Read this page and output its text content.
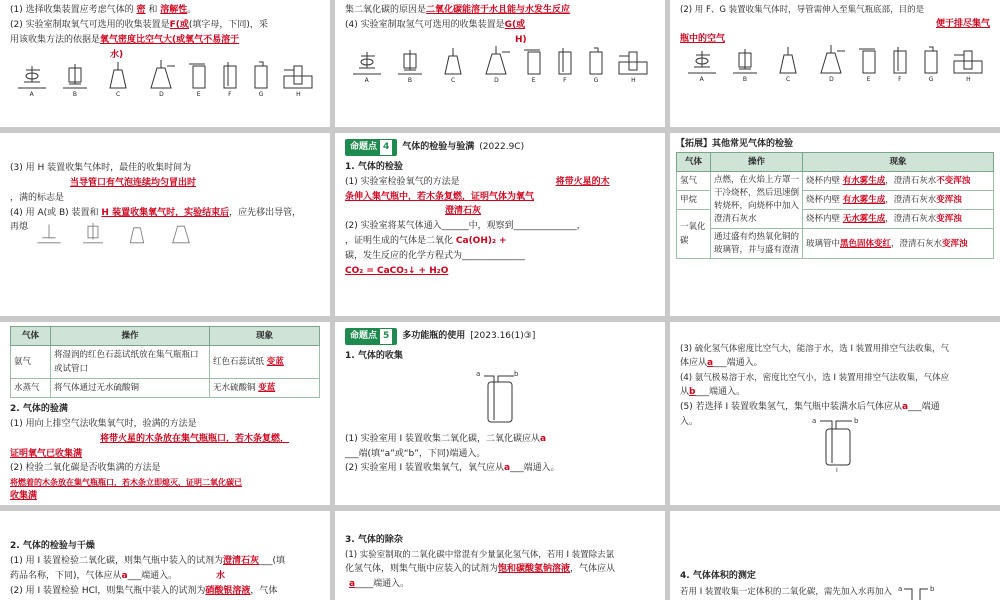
(1) 选择收集装置应考虑气体的 密 和 溶解性。

(2) 实验室制取氧气可选用的收集装置是F(或(填字母，下同)，采

用该收集方法的依据是氧气密度比空气大(或氧气不易溶于

水)

A	B	C	D	E	F	G	H

集二氧化碳的原因是二氧化碳能溶于水且能与水发生反应

(4) 实验室制取氢气可选用的收集装置是G(或

H)

A	B	C	D	E	F	G	H

(2) 用 F、G 装置收集气体时，导管需伸入至集气瓶底部，目的是

便于排尽集气

瓶中的空气

A	B	C	D	E	F	G	H

(3) 用 H 装置收集气体时，最佳的收集时间为

当导管口有气泡连续均匀冒出时

，满的标志是

(4) 用 A(或 B) 装置和 H 装置收集氧气时，实验结束后，应先移出导管，

再熄

命题点 4	气体的检验与验满 (2022.9C)

1. 气体的检验

(1) 实验室检验氧气的方法是	将带火星的木

条伸入集气瓶中，若木条复燃，证明气体为氧气

澄清石灰

(2) 实验室将某气体通入______中，观察到______________，

，证明生成的气体是二氧化 Ca(OH)₂ +

碳，发生反应的化学方程式为______________

CO₂ = CaCO₃↓ + H₂O

【拓展】其他常见气体的检验

气体	操作	现象
氢气	点燃，在火焰上方罩一干冷烧杯，然后迅速倒转烧杯，向烧杯中加入澄清石灰水	烧杯内壁 有水雾生成，澄清石灰水不变浑浊
甲烷		烧杯内壁 有水雾生成，澄清石灰水变浑浊
一氧化碳		烧杯内壁 无水雾生成，澄清石灰水变浑浊
	通过盛有灼热氧化铜的玻璃管，并与盛有澄清	玻璃管中黑色固体变红，澄清石灰水变浑浊
气体	操作	现象
氨气	将湿润的红色石蕊试纸放在集气瓶瓶口或试管口	红色石蕊试纸 变蓝
水蒸气	将气体通过无水硫酸铜	无水硫酸铜 变蓝

2. 气体的验满

(1) 用向上排空气法收集氧气时，验满的方法是

将带火星的木条放在集气瓶瓶口，若木条复燃，

证明氧气已收集满

(2) 检验二氧化碳是否收集满的方法是

将燃着的木条放在集气瓶瓶口，若木条立即熄灭，证明二氧化碳已

收集满

命题点 5	多功能瓶的使用 [2023.16(1)③]

1. 气体的收集

a	b

(1) 实验室用 I 装置收集二氧化碳，二氧化碳应从a

___端(填“a”或“b”，下同)端通入。

(2) 实验室用 I 装置收集氧气，氧气应从a___端通入。

(3) 硫化氢气体密度比空气大，能溶于水，选 I 装置用排空气法收集，气

体应从a___端通入。

(4) 氨气极易溶于水，密度比空气小，选 I 装置用排空气法收集，气体应

从b___端通入。

(5) 若选择 I 装置收集氢气，集气瓶中装满水后气体应从a___端通

入。	a	b
I

2. 气体的检验与干燥

(1) 用 I 装置检验二氧化碳，则集气瓶中装入的试剂为澄清石灰___(填

药品名称，下同)，气体应从a___端通入。	水

(2) 用 I 装置检验 HCl，则集气瓶中装入的试剂为硝酸银溶液，气体

3. 气体的除杂

(1) 实验室制取的二氧化碳中常混有少量氯化氢气体，若用 I 装置除去氯

化氢气体，则集气瓶中应装入的试剂为饱和碳酸氢钠溶液，气体应从

a____端通入。

4. 气体体积的测定

若用 I 装置收集一定体积的二氧化碳，需先加入水再加入 a	b
